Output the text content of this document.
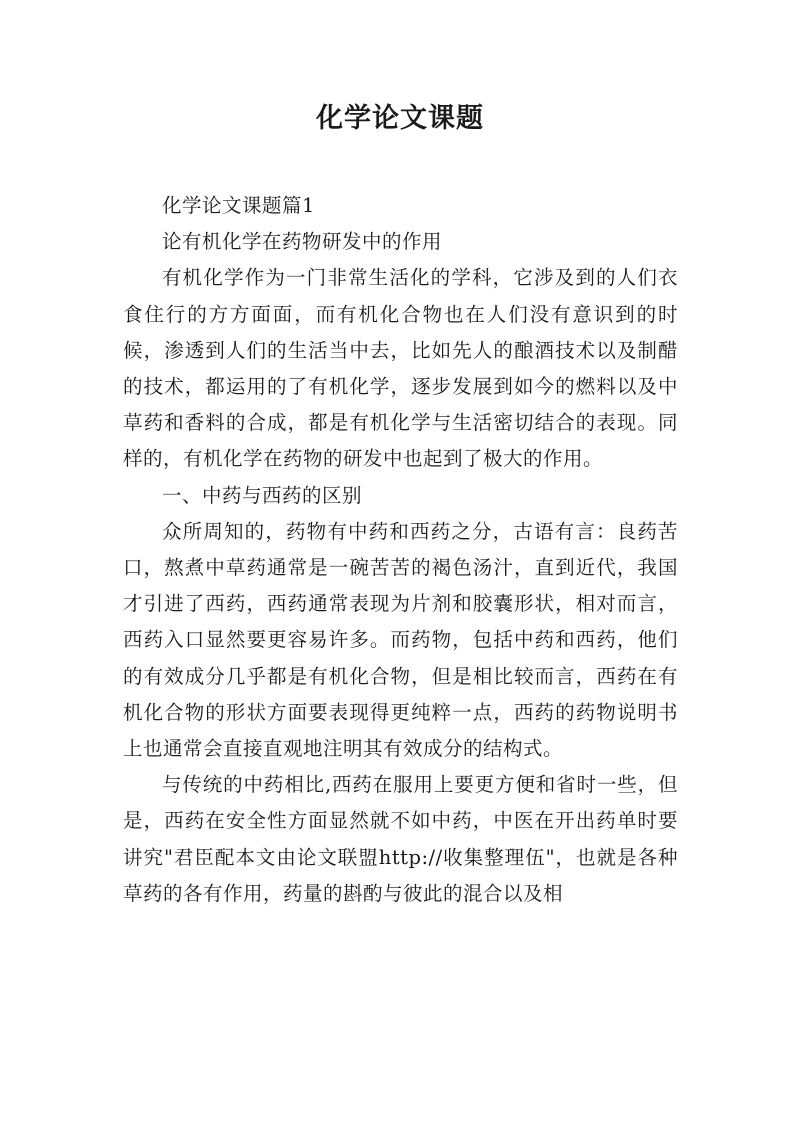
化学论文课题

化学论文课题篇1

论有机化学在药物研发中的作用

有机化学作为一门非常生活化的学科，它涉及到的人们衣食住行的方方面面，而有机化合物也在人们没有意识到的时候，渗透到人们的生活当中去，比如先人的酿酒技术以及制醋的技术，都运用的了有机化学，逐步发展到如今的燃料以及中草药和香料的合成，都是有机化学与生活密切结合的表现。同样的，有机化学在药物的研发中也起到了极大的作用。

一、中药与西药的区别

众所周知的，药物有中药和西药之分，古语有言：良药苦口，熬煮中草药通常是一碗苦苦的褐色汤汁，直到近代，我国才引进了西药，西药通常表现为片剂和胶囊形状，相对而言，西药入口显然要更容易许多。而药物，包括中药和西药，他们的有效成分几乎都是有机化合物，但是相比较而言，西药在有机化合物的形状方面要表现得更纯粹一点，西药的药物说明书上也通常会直接直观地注明其有效成分的结构式。

与传统的中药相比,西药在服用上要更方便和省时一些，但是，西药在安全性方面显然就不如中药，中医在开出药单时要讲究"君臣配本文由论文联盟http://收集整理伍"，也就是各种草药的各有作用，药量的斟酌与彼此的混合以及相
